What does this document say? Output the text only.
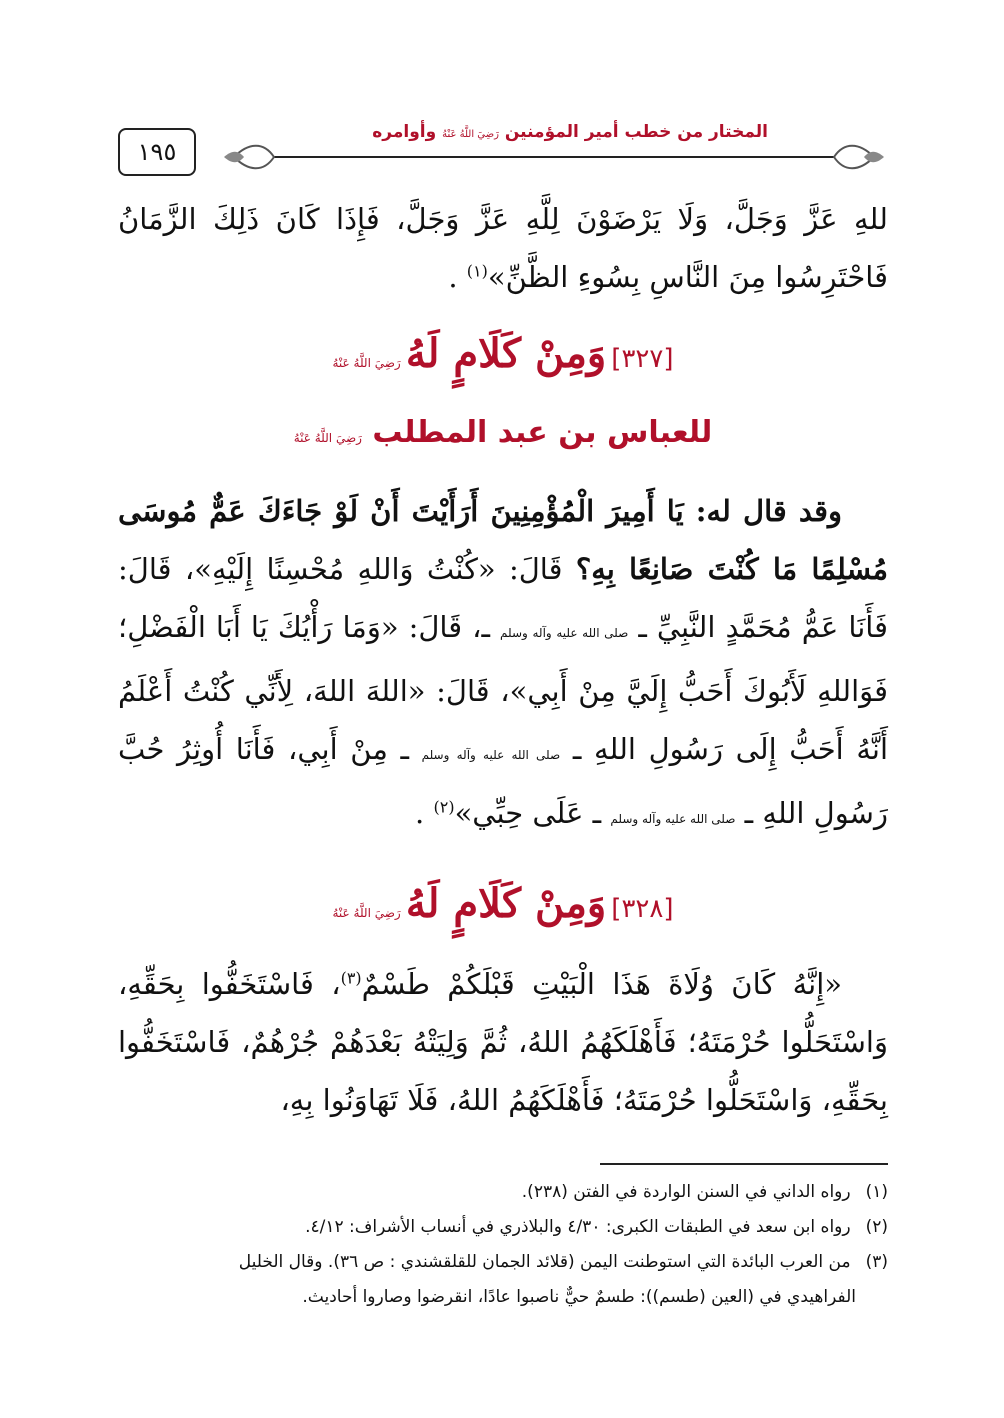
١٩٥
المختار من خطب أمير المؤمنين رَضِيَ اللَّهُ عَنْهُ وأوامره
للهِ عَزَّ وَجَلَّ، وَلَا يَرْضَوْنَ لِلَّهِ عَزَّ وَجَلَّ، فَإِذَا كَانَ ذَلِكَ الزَّمَانُ
فَاحْتَرِسُوا مِنَ النَّاسِ بِسُوءِ الظَّنِّ»$^{(١)}$ .
[٣٢٧] وَمِنْ كَلَامٍ لَهُ رَضِيَ اللَّهُ عَنْهُ
للعباس بن عبد المطلب رَضِيَ اللَّهُ عَنْهُ
وقد قال له: يَا أَمِيرَ الْمُؤْمِنِينَ أَرَأَيْتَ أَنْ لَوْ جَاءَكَ عَمٌّ مُوسَى مُسْلِمًا مَا كُنْتَ صَانِعًا بِهِ؟ قَالَ: «كُنْتُ وَاللهِ مُحْسِنًا إِلَيْهِ»، قَالَ: فَأَنَا عَمُّ مُحَمَّدٍ النَّبِيِّ ـ صلى الله عليه وآله وسلم ـ، قَالَ: «وَمَا رَأْيُكَ يَا أَبَا الْفَضْلِ؛ فَوَاللهِ لَأَبُوكَ أَحَبُّ إِلَيَّ مِنْ أَبِي»، قَالَ: «اللهَ اللهَ، لِأَنِّي كُنْتُ أَعْلَمُ أَنَّهُ أَحَبُّ إِلَى رَسُولِ اللهِ ـ صلى الله عليه وآله وسلم ـ مِنْ أَبِي، فَأَنَا أُوثِرُ حُبَّ رَسُولِ اللهِ ـ صلى الله عليه وآله وسلم ـ عَلَى حِبِّي»$^{(٢)}$ .
[٣٢٨] وَمِنْ كَلَامٍ لَهُ رَضِيَ اللَّهُ عَنْهُ
«إِنَّهُ كَانَ وُلَاةَ هَذَا الْبَيْتِ قَبْلَكُمْ طَسْمٌ$^{(٣)}$، فَاسْتَخَفُّوا بِحَقِّهِ، وَاسْتَحَلُّوا حُرْمَتَهُ؛ فَأَهْلَكَهُمُ اللهُ، ثُمَّ وَلِيَتْهُ بَعْدَهُمْ جُرْهُمٌ، فَاسْتَخَفُّوا بِحَقِّهِ، وَاسْتَحَلُّوا حُرْمَتَهُ؛ فَأَهْلَكَهُمُ اللهُ، فَلَا تَهَاوَنُوا بِهِ،
(١) رواه الداني في السنن الواردة في الفتن (٢٣٨).
(٢) رواه ابن سعد في الطبقات الكبرى: ٤/٣٠ والبلاذري في أنساب الأشراف: ٤/١٢.
(٣) من العرب البائدة التي استوطنت اليمن (قلائد الجمان للقلقشندي : ص ٣٦). وقال الخليل
الفراهيدي في (العين (طسم)): طسمٌ حيٌّ ناصبوا عادًا، انقرضوا وصاروا أحاديث.
